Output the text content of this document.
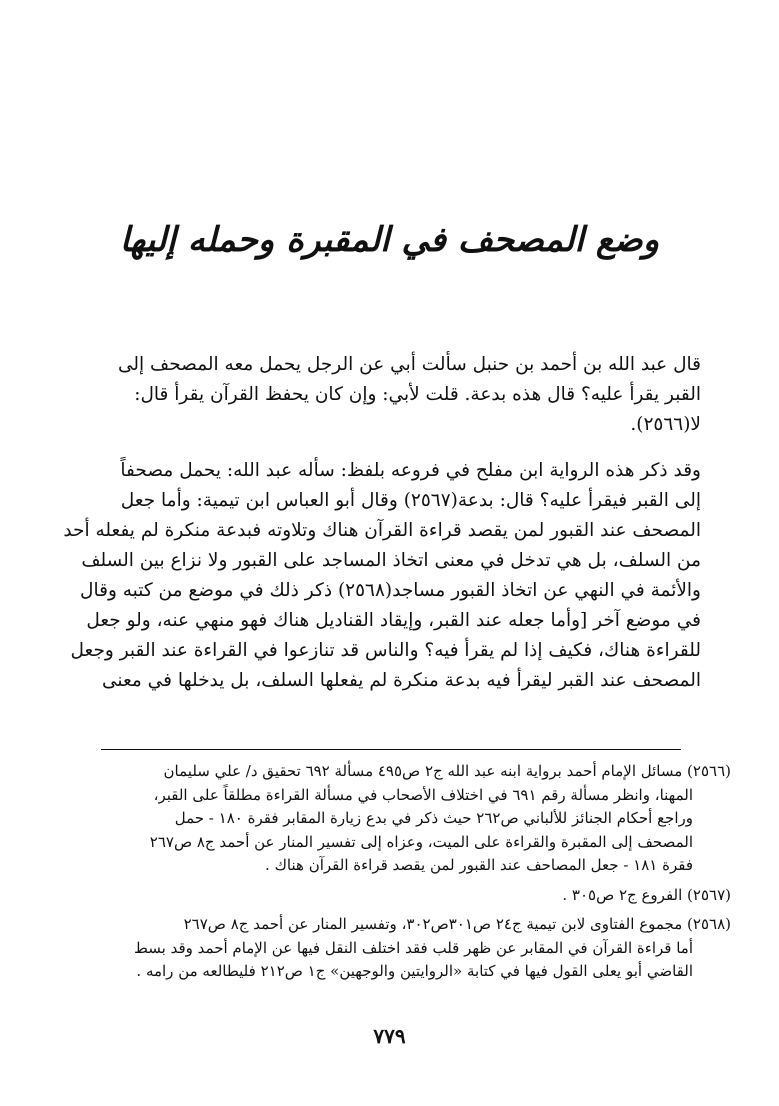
وضع المصحف في المقبرة وحمله إليها

قال عبد الله بن أحمد بن حنبل سألت أبي عن الرجل يحمل معه المصحف إلى
القبر يقرأ عليه؟ قال هذه بدعة. قلت لأبي: وإن كان يحفظ القرآن يقرأ قال:
لا(٢٥٦٦).

وقد ذكر هذه الرواية ابن مفلح في فروعه بلفظ: سأله عبد الله: يحمل مصحفاً
إلى القبر فيقرأ عليه؟ قال: بدعة(٢٥٦٧) وقال أبو العباس ابن تيمية: وأما جعل
المصحف عند القبور لمن يقصد قراءة القرآن هناك وتلاوته فبدعة منكرة لم يفعله أحد
من السلف، بل هي تدخل في معنى اتخاذ المساجد على القبور ولا نزاع بين السلف
والأئمة في النهي عن اتخاذ القبور مساجد(٢٥٦٨) ذكر ذلك في موضع من كتبه وقال
في موضع آخر [وأما جعله عند القبر، وإيقاد القناديل هناك فهو منهي عنه، ولو جعل
للقراءة هناك، فكيف إذا لم يقرأ فيه؟ والناس قد تنازعوا في القراءة عند القبر وجعل
المصحف عند القبر ليقرأ فيه بدعة منكرة لم يفعلها السلف، بل يدخلها في معنى

(٢٥٦٦) مسائل الإمام أحمد برواية ابنه عبد الله ج٢ ص٤٩٥ مسألة ٦٩٢ تحقيق د/ علي سليمان
المهنا، وانظر مسألة رقم ٦٩١ في اختلاف الأصحاب في مسألة القراءة مطلقاً على القبر،
وراجع أحكام الجنائز للألباني ص٢٦٢ حيث ذكر في بدع زيارة المقابر فقرة ١٨٠ - حمل
المصحف إلى المقبرة والقراءة على الميت، وعزاه إلى تفسير المنار عن أحمد ج٨ ص٢٦٧
فقرة ١٨١ - جعل المصاحف عند القبور لمن يقصد قراءة القرآن هناك .
(٢٥٦٧) الفروع ج٢ ص٣٠٥ .
(٢٥٦٨) مجموع الفتاوى لابن تيمية ج٢٤ ص٣٠١ص٣٠٢، وتفسير المنار عن أحمد ج٨ ص٢٦٧
أما قراءة القرآن في المقابر عن ظهر قلب فقد اختلف النقل فيها عن الإمام أحمد وقد بسط
القاضي أبو يعلى القول فيها في كتابة «الروايتين والوجهين» ج١ ص٢١٢ فليطالعه من رامه .
٧٧٩
